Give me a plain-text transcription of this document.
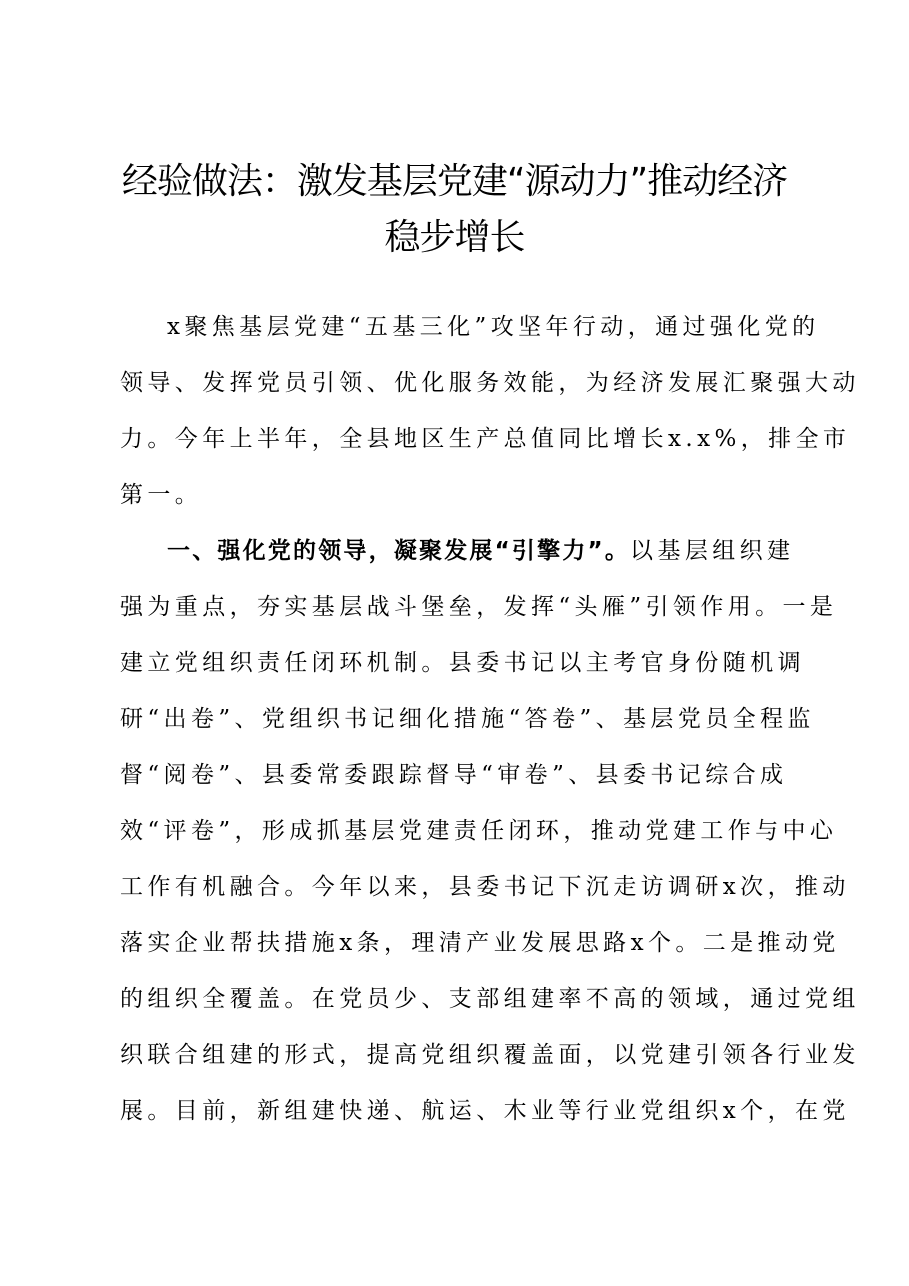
经验做法：激发基层党建“源动力”推动经济
稳步增长
x聚焦基层党建“五基三化”攻坚年行动，通过强化党的
领导、发挥党员引领、优化服务效能，为经济发展汇聚强大动
力。今年上半年，全县地区生产总值同比增长x.x%，排全市
第一。
一、强化党的领导，凝聚发展“引擎力”。以基层组织建
强为重点，夯实基层战斗堡垒，发挥“头雁”引领作用。一是
建立党组织责任闭环机制。县委书记以主考官身份随机调
研“出卷”、党组织书记细化措施“答卷”、基层党员全程监
督“阅卷”、县委常委跟踪督导“审卷”、县委书记综合成
效“评卷”，形成抓基层党建责任闭环，推动党建工作与中心
工作有机融合。今年以来，县委书记下沉走访调研x次，推动
落实企业帮扶措施x条，理清产业发展思路x个。二是推动党
的组织全覆盖。在党员少、支部组建率不高的领域，通过党组
织联合组建的形式，提高党组织覆盖面，以党建引领各行业发
展。目前，新组建快递、航运、木业等行业党组织x个，在党
